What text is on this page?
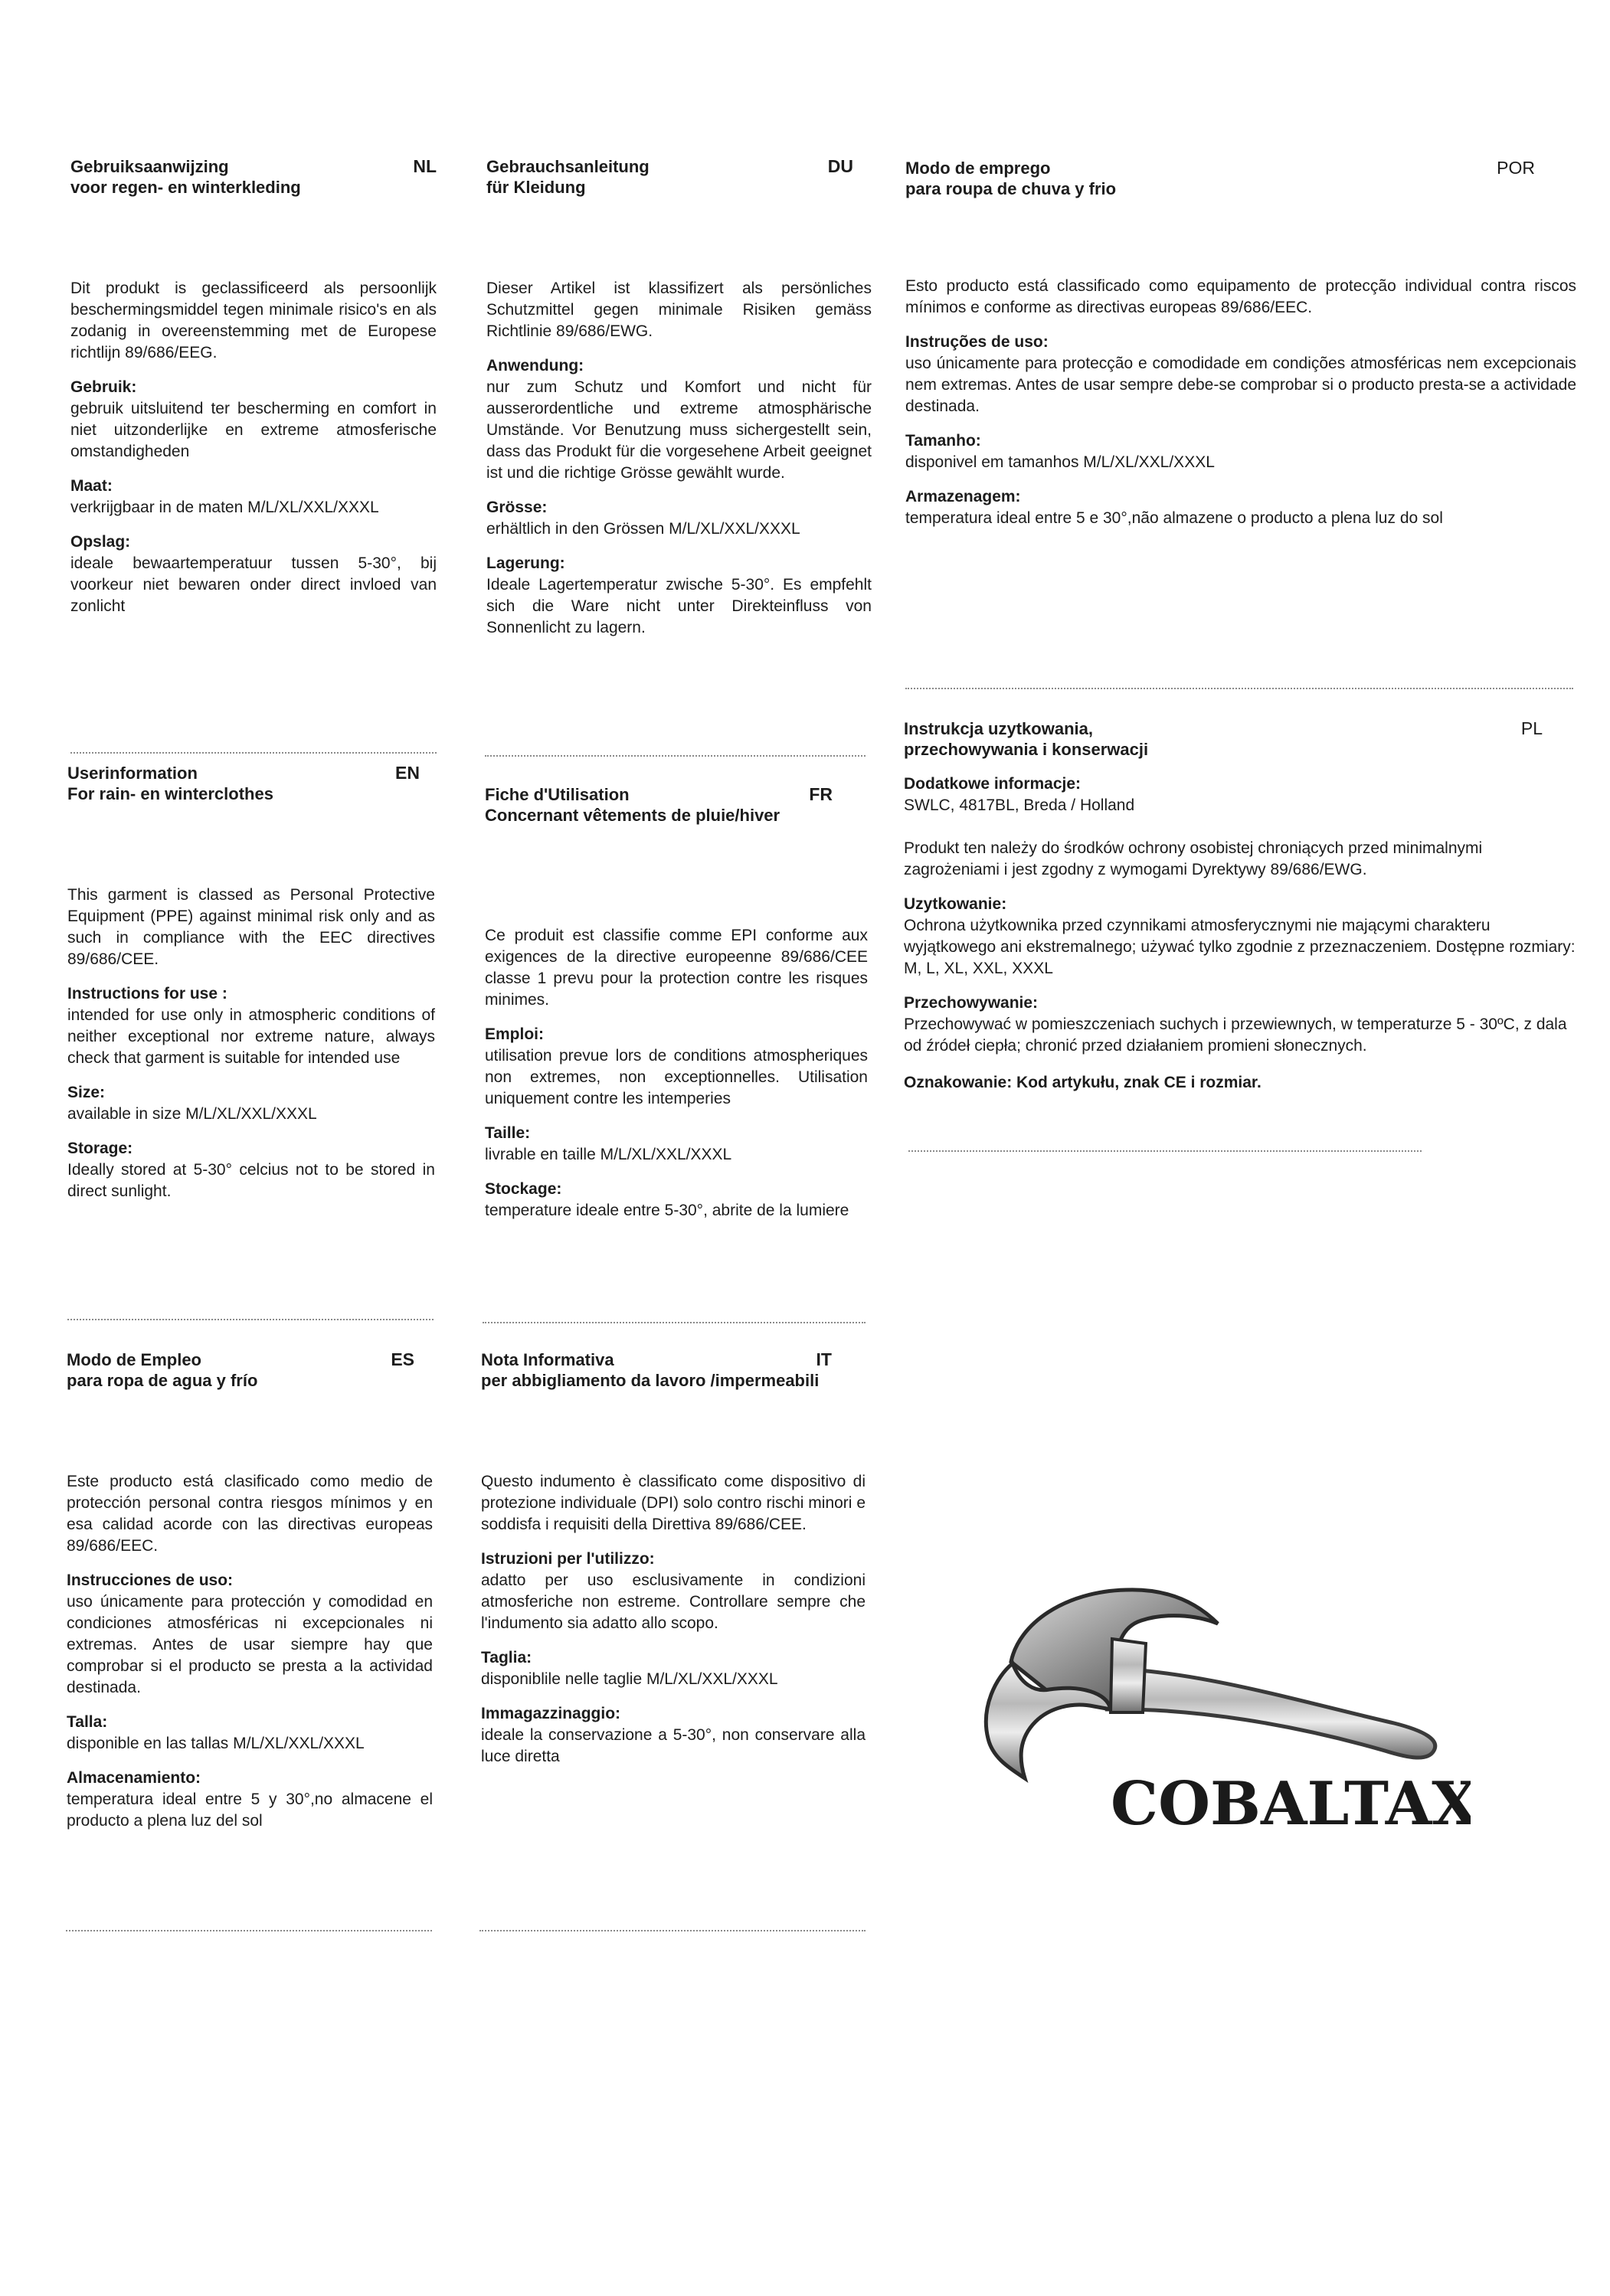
Gebruiksaanwijzing
voor regen- en winterkleding
NL
Dit produkt is geclassificeerd als persoonlijk beschermingsmiddel tegen minimale risico's en als zodanig in overeenstemming met de Europese richtlijn 89/686/EEG.
Gebruik:
gebruik uitsluitend ter bescherming en comfort in niet uitzonderlijke en extreme atmosferische omstandigheden
Maat:
verkrijgbaar in de maten M/L/XL/XXL/XXXL
Opslag:
ideale bewaartemperatuur tussen 5-30°, bij voorkeur niet bewaren onder direct invloed van zonlicht
Gebrauchsanleitung
für Kleidung
DU
Dieser Artikel ist klassifizert als persönliches Schutzmittel gegen minimale Risiken gemäss Richtlinie 89/686/EWG.
Anwendung:
nur zum Schutz und Komfort und nicht für ausserordentliche und extreme atmosphärische Umstände. Vor Benutzung muss sichergestellt sein, dass das Produkt für die vorgesehene Arbeit geeignet ist und die richtige Grösse gewählt wurde.
Grösse:
erhältlich in den Grössen M/L/XL/XXL/XXXL
Lagerung:
Ideale Lagertemperatur zwische 5-30°. Es empfehlt sich die Ware nicht unter Direkteinfluss von Sonnenlicht zu lagern.
Modo de emprego
para roupa de chuva y frio
POR
Esto producto está classificado como equipamento de protecção individual contra riscos mínimos e conforme as directivas europeas 89/686/EEC.
Instruções de uso:
uso únicamente para protecção e comodidade em condições atmosféricas nem excepcionais nem extremas. Antes de usar sempre debe-se comprobar si o producto presta-se a actividade destinada.
Tamanho:
disponivel em tamanhos M/L/XL/XXL/XXXL
Armazenagem:
temperatura ideal entre 5 e 30°,não almazene o producto a plena luz do sol
Userinformation
For rain- en winterclothes
EN
This garment is classed as Personal Protective Equipment (PPE) against minimal risk only and as such in compliance with the EEC directives 89/686/CEE.
Instructions for use :
intended for use only in atmospheric conditions of neither exceptional nor extreme nature, always check that garment is suitable for intended use
Size:
available in size M/L/XL/XXL/XXXL
Storage:
Ideally stored at 5-30° celcius not to be stored in direct sunlight.
Fiche d'Utilisation
Concernant vêtements de pluie/hiver
FR
Ce produit est classifie comme EPI conforme aux exigences de la directive europeenne 89/686/CEE classe 1 prevu pour la protection contre les risques minimes.
Emploi:
utilisation prevue lors de conditions atmospheriques non extremes, non exceptionnelles. Utilisation uniquement contre les intemperies
Taille:
livrable en taille M/L/XL/XXL/XXXL
Stockage:
temperature ideale entre 5-30°, abrite de la lumiere
Instrukcja uzytkowania,
przechowywania i konserwacji
PL
Dodatkowe informacje:
SWLC, 4817BL, Breda / Holland
Produkt ten należy do środków ochrony osobistej chroniących przed minimalnymi zagrożeniami i jest zgodny z wymogami Dyrektywy 89/686/EWG.
Uzytkowanie:
Ochrona użytkownika przed czynnikami atmosferycznymi nie mającymi charakteru wyjątkowego ani ekstremalnego; używać tylko zgodnie z przeznaczeniem. Dostępne rozmiary: M, L, XL, XXL, XXXL
Przechowywanie:
Przechowywać w pomieszczeniach suchych i przewiewnych, w temperaturze 5 - 30ºC, z dala od źródeł ciepła; chronić przed działaniem promieni słonecznych.
Oznakowanie: Kod artykułu, znak CE i rozmiar.
Modo de Empleo
para ropa de agua y frío
ES
Este producto está clasificado como medio de protección personal contra riesgos mínimos y en esa calidad acorde con las directivas europeas 89/686/EEC.
Instrucciones de uso:
uso únicamente para protección y comodidad en condiciones atmosféricas ni excepcionales ni extremas. Antes de usar siempre hay que comprobar si el producto se presta a la actividad destinada.
Talla:
disponible en las tallas M/L/XL/XXL/XXXL
Almacenamiento:
temperatura ideal entre 5 y 30°,no almacene el producto a plena luz del sol
Nota Informativa
per abbigliamento da lavoro /impermeabili
IT
Questo indumento è classificato come dispositivo di protezione individuale (DPI) solo contro rischi minori e soddisfa i requisiti della Direttiva 89/686/CEE.
Istruzioni per l'utilizzo:
adatto per uso esclusivamente in condizioni atmosferiche non estreme. Controllare sempre che l'indumento sia adatto allo scopo.
Taglia:
disponiblile nelle taglie M/L/XL/XXL/XXXL
Immagazzinaggio:
ideale la conservazione a 5-30°, non conservare alla luce diretta
COBALTAX
